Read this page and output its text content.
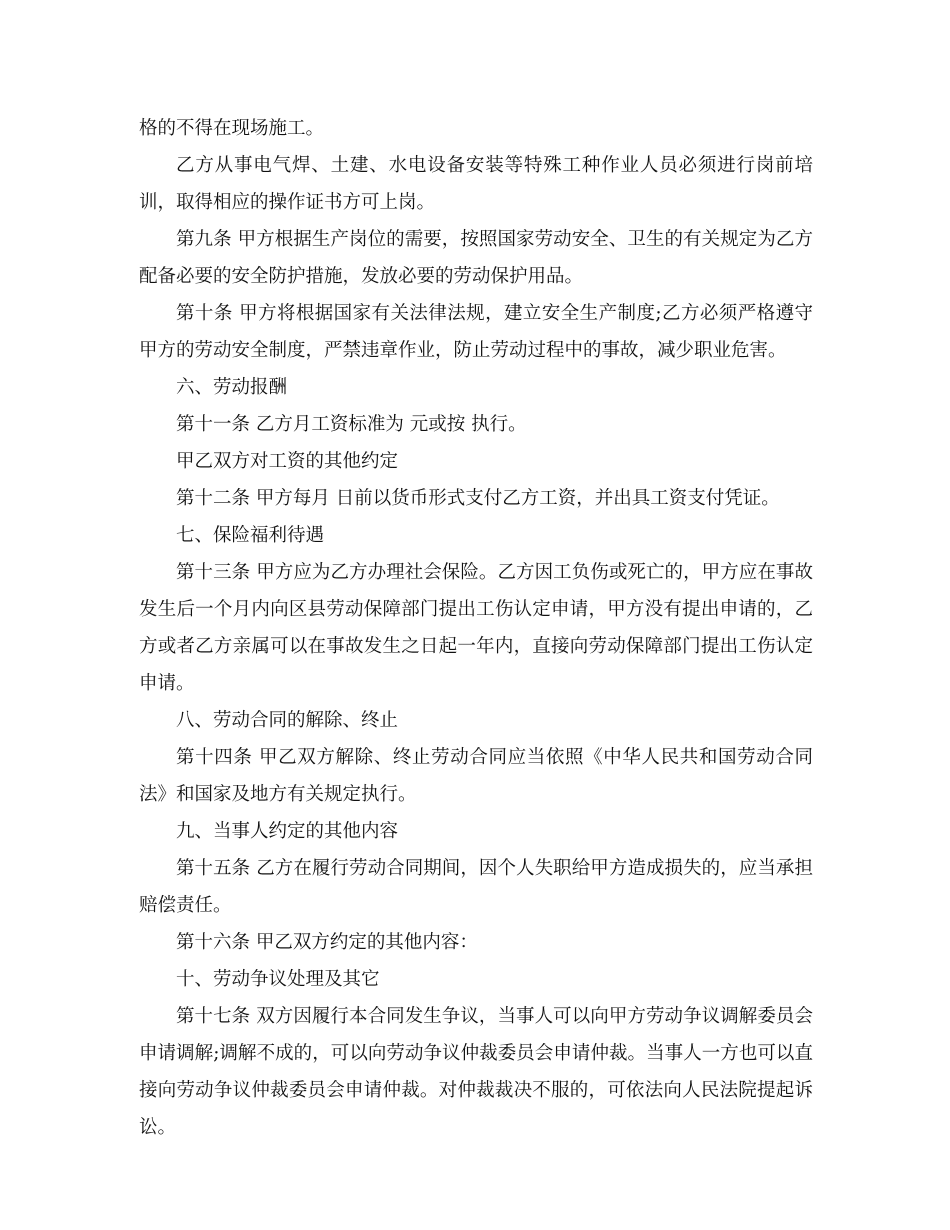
格的不得在现场施工。

乙方从事电气焊、土建、水电设备安装等特殊工种作业人员必须进行岗前培训，取得相应的操作证书方可上岗。

第九条 甲方根据生产岗位的需要，按照国家劳动安全、卫生的有关规定为乙方配备必要的安全防护措施，发放必要的劳动保护用品。

第十条 甲方将根据国家有关法律法规，建立安全生产制度;乙方必须严格遵守甲方的劳动安全制度，严禁违章作业，防止劳动过程中的事故，减少职业危害。

六、劳动报酬

第十一条 乙方月工资标准为 元或按 执行。

甲乙双方对工资的其他约定

第十二条 甲方每月 日前以货币形式支付乙方工资，并出具工资支付凭证。

七、保险福利待遇

第十三条 甲方应为乙方办理社会保险。乙方因工负伤或死亡的，甲方应在事故发生后一个月内向区县劳动保障部门提出工伤认定申请，甲方没有提出申请的，乙方或者乙方亲属可以在事故发生之日起一年内，直接向劳动保障部门提出工伤认定申请。

八、劳动合同的解除、终止

第十四条 甲乙双方解除、终止劳动合同应当依照《中华人民共和国劳动合同法》和国家及地方有关规定执行。

九、当事人约定的其他内容

第十五条 乙方在履行劳动合同期间，因个人失职给甲方造成损失的，应当承担赔偿责任。

第十六条 甲乙双方约定的其他内容：

十、劳动争议处理及其它

第十七条 双方因履行本合同发生争议，当事人可以向甲方劳动争议调解委员会申请调解;调解不成的，可以向劳动争议仲裁委员会申请仲裁。当事人一方也可以直接向劳动争议仲裁委员会申请仲裁。对仲裁裁决不服的，可依法向人民法院提起诉讼。
